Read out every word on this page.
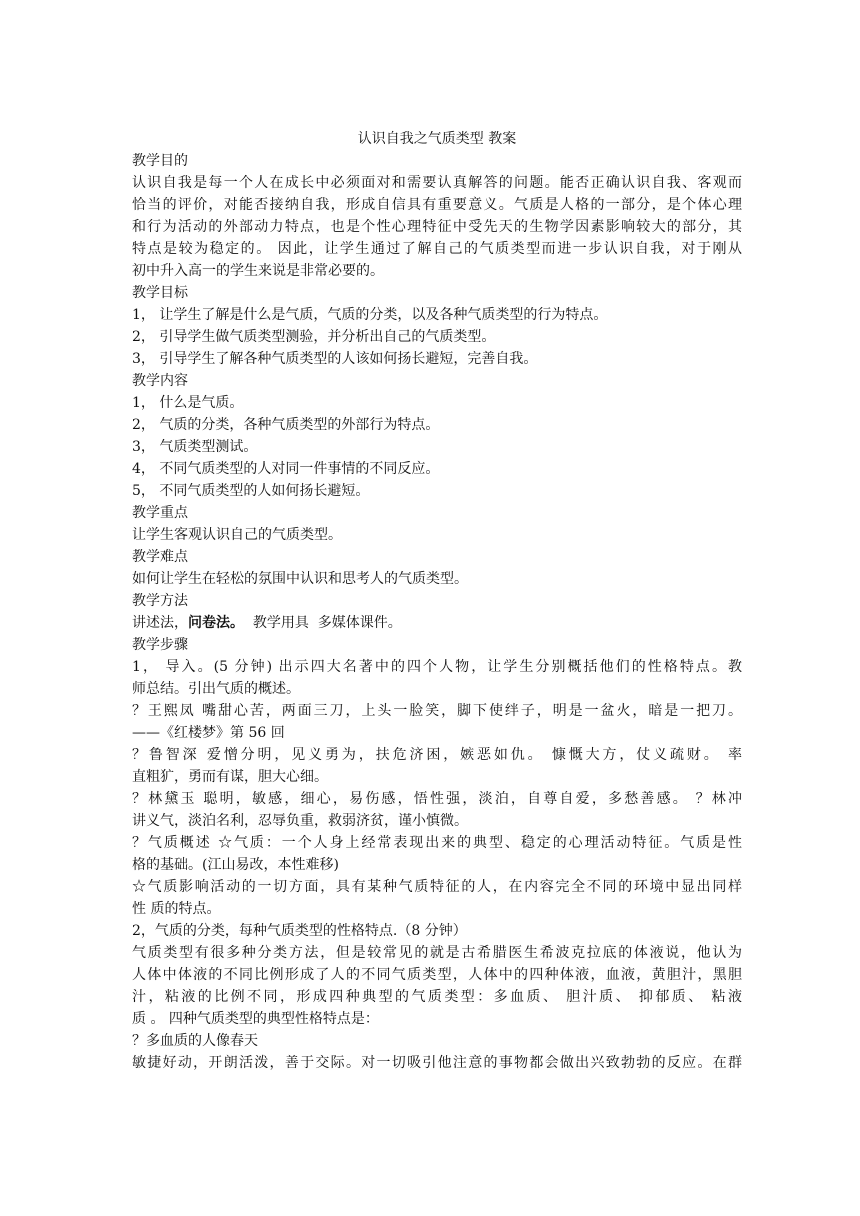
认识自我之气质类型 教案
教学目的
认识自我是每一个人在成长中必须面对和需要认真解答的问题。能否正确认识自我、客观而
恰当的评价，对能否接纳自我，形成自信具有重要意义。气质是人格的一部分，是个体心理
和行为活动的外部动力特点，也是个性心理特征中受先天的生物学因素影响较大的部分，其
特点是较为稳定的。 因此，让学生通过了解自己的气质类型而进一步认识自我，对于刚从
初中升入高一的学生来说是非常必要的。
教学目标
1， 让学生了解是什么是气质，气质的分类，以及各种气质类型的行为特点。
2， 引导学生做气质类型测验，并分析出自己的气质类型。
3， 引导学生了解各种气质类型的人该如何扬长避短，完善自我。
教学内容
1， 什么是气质。
2， 气质的分类，各种气质类型的外部行为特点。
3， 气质类型测试。
4， 不同气质类型的人对同一件事情的不同反应。
5， 不同气质类型的人如何扬长避短。
教学重点
让学生客观认识自己的气质类型。
教学难点
如何让学生在轻松的氛围中认识和思考人的气质类型。
教学方法
讲述法，问卷法。  教学用具  多媒体课件。
教学步骤
1， 导入。(5 分钟) 出示四大名著中的四个人物，让学生分别概括他们的性格特点。教
师总结。引出气质的概述。
？王熙凤 嘴甜心苦，两面三刀，上头一脸笑，脚下使绊子，明是一盆火，暗是一把刀。
——《红楼梦》第 56 回
？鲁智深 爱憎分明，见义勇为，扶危济困，嫉恶如仇。 慷慨大方，仗义疏财。 率
直粗犷，勇而有谋，胆大心细。
？林黛玉 聪明，敏感，细心，易伤感，悟性强，淡泊，自尊自爱，多愁善感。 ？林冲
讲义气，淡泊名利，忍辱负重，救弱济贫，谨小慎微。
？气质概述 ☆气质：一个人身上经常表现出来的典型、稳定的心理活动特征。气质是性
格的基础。(江山易改，本性难移)
☆气质影响活动的一切方面，具有某种气质特征的人，在内容完全不同的环境中显出同样
性 质的特点。
2，气质的分类，每种气质类型的性格特点.（8 分钟）
气质类型有很多种分类方法，但是较常见的就是古希腊医生希波克拉底的体液说，他认为
人体中体液的不同比例形成了人的不同气质类型，人体中的四种体液，血液，黄胆汁，黑胆
汁，粘液的比例不同，形成四种典型的气质类型：多血质、 胆汁质、 抑郁质、 粘液
质 。 四种气质类型的典型性格特点是：
？多血质的人像春天
敏捷好动，开朗活泼，善于交际。对一切吸引他注意的事物都会做出兴致勃勃的反应。在群
